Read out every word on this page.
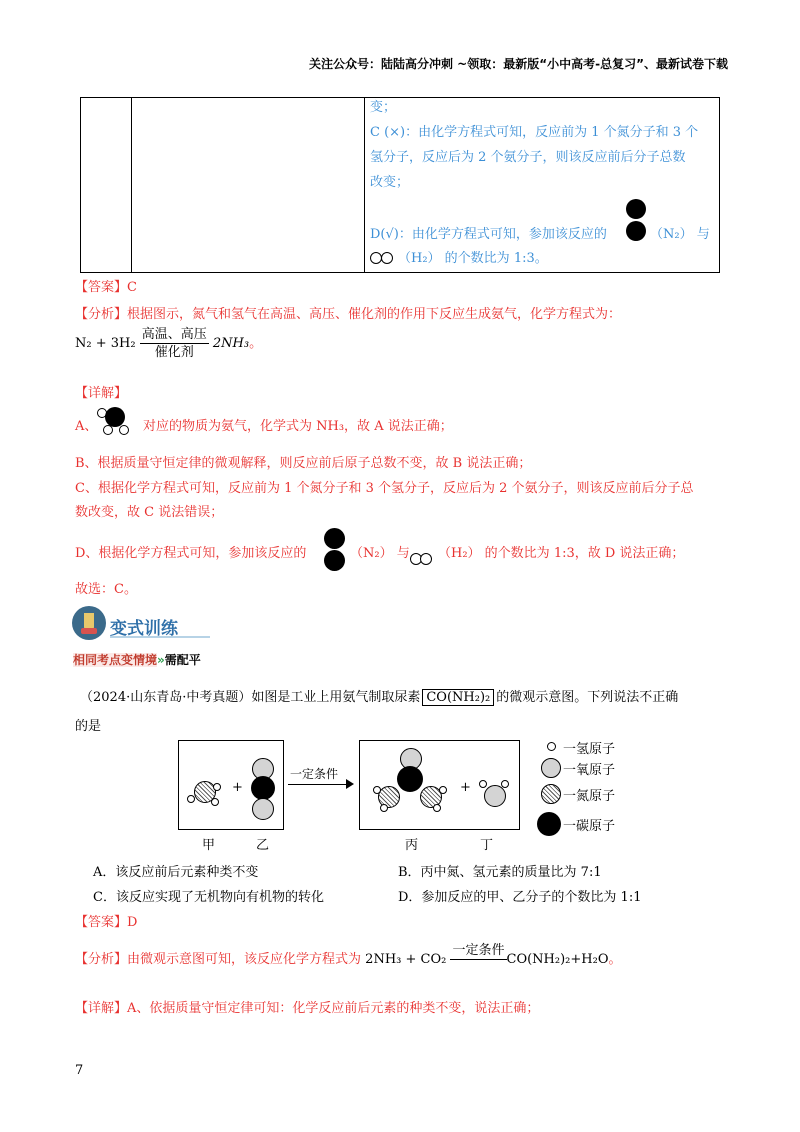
关注公众号：陆陆高分冲刺 ~领取：最新版“小中高考-总复习”、最新试卷下载
变；
C (×)：由化学方程式可知，反应前为 1 个氮分子和 3 个
氢分子，反应后为 2 个氨分子，则该反应前后分子总数
改变；
D(√)：由化学方程式可知，参加该反应的	（N₂） 与
（H₂） 的个数比为 1:3。
【答案】C
【分析】根据图示，氮气和氢气在高温、高压、催化剂的作用下反应生成氨气，化学方程式为：
$N_2 + 3H_2 \frac{\text{高温、高压}}{\text{催化剂}} 2NH_3$。
【详解】
A、	对应的物质为氨气，化学式为 NH₃，故 A 说法正确；
B、根据质量守恒定律的微观解释，则反应前后原子总数不变，故 B 说法正确；
C、根据化学方程式可知，反应前为 1 个氮分子和 3 个氢分子，反应后为 2 个氨分子，则该反应前后分子总
数改变，故 C 说法错误；
D、根据化学方程式可知，参加该反应的	（N₂） 与 （H₂） 的个数比为 1:3，故 D 说法正确；
故选：C。
变式训练
相同考点变情境»需配平
（2024·山东青岛·中考真题）如图是工业上用氨气制取尿素 CO(NH₂)₂ 的微观示意图。下列说法不正确
的是
+
一定条件
+
甲	乙	丙	丁
一氢原子
一氧原子
一氮原子
一碳原子
A．该反应前后元素种类不变	B．丙中氮、氢元素的质量比为 7:1
C．该反应实现了无机物向有机物的转化	D．参加反应的甲、乙分子的个数比为 1:1
【答案】D
【分析】由微观示意图可知，该反应化学方程式为 2NH₃ + CO₂
一定条件

CO(NH₂)₂+H₂O。
【详解】A、依据质量守恒定律可知：化学反应前后元素的种类不变，说法正确；
7
